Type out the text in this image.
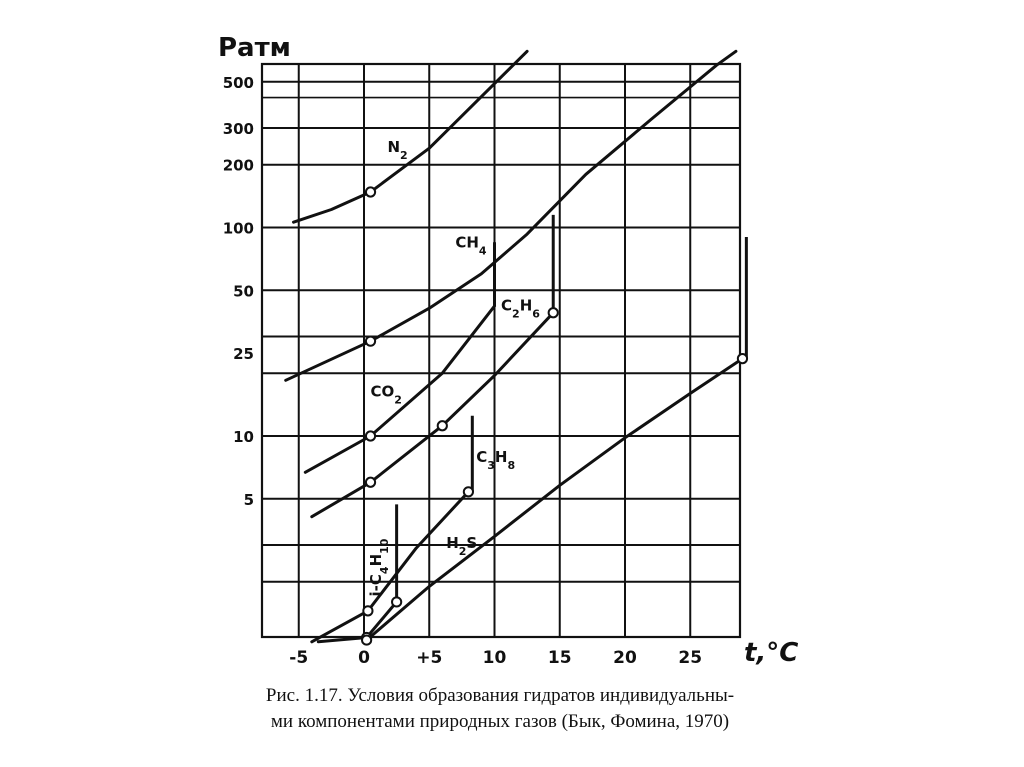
$N_2$
$CH_4$
$C_2H_6$
$CO_2$
$C_3H_8$
$i-C_4H_{10}$	$H_2S$
-5	0	+5 10 15 20 25
5
10
25
50
100
200
300
500
Pатм
t,°C
Рис. 1.17. Условия образования гидратов индивидуальны-
ми компонентами природных газов (Бык, Фомина, 1970)
